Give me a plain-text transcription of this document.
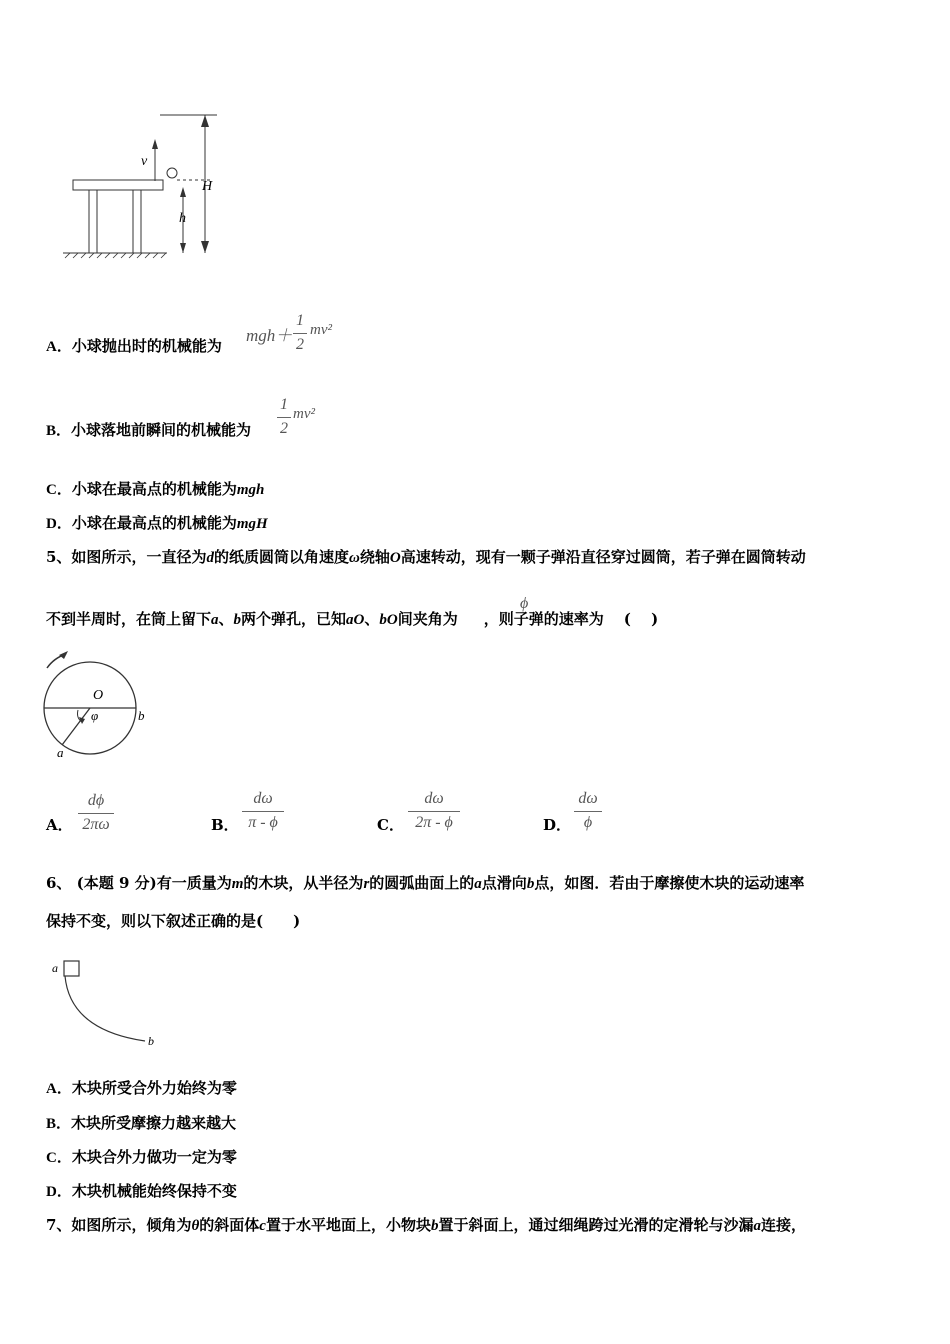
v
H
h
A．小球抛出时的机械能为
mgh＋
1
2
mv²
B．小球落地前瞬间的机械能为
1
2
mv²
C．小球在最高点的机械能为mgh
D．小球在最高点的机械能为mgH
5、如图所示，一直径为d的纸质圆筒以角速度ω绕轴O高速转动，现有一颗子弹沿直径穿过圆筒，若子弹在圆筒转动
不到半周时，在筒上留下a、b两个弹孔，已知aO、bO间夹角为 ，则子弹的速率为 (　 )
ϕ
O
φ	b
a
A．
dϕ
2πω	B．
dω
π - ϕ	C．
dω
2π - ϕ	D．
dω
ϕ
6、 (本题 9 分)有一质量为m的木块，从半径为r的圆弧曲面上的a点滑向b点，如图．若由于摩擦使木块的运动速率
保持不变，则以下叙述正确的是(　　)
a
b
A．木块所受合外力始终为零
B．木块所受摩擦力越来越大
C．木块合外力做功一定为零
D．木块机械能始终保持不变
7、如图所示，倾角为θ的斜面体c置于水平地面上，小物块b置于斜面上，通过细绳跨过光滑的定滑轮与沙漏a连接，
